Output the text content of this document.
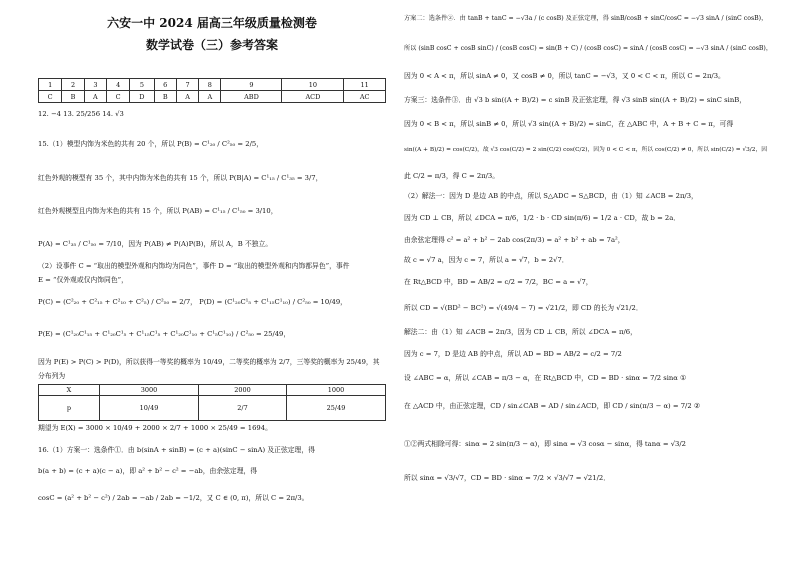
六安一中 2024 届高三年级质量检测卷
数学试卷（三）参考答案
1	2	3	4	5	6	7	8	9	10	11
C	B	A	C	D	B	A	A	ABD	ACD	AC
12. −4 13. 25/256 14. √3
15.（1）模型内饰为米色的共有 20 个，所以 P(B) = C¹₂₀ / C²₅₀ = 2/5，
红色外观的模型有 35 个，其中内饰为米色的共有 15 个，所以 P(B|A) = C¹₁₅ / C¹₃₅ = 3/7，
红色外观模型且内饰为米色的共有 15 个，所以 P(AB) = C¹₁₅ / C¹₅₀ = 3/10，
P(A) = C¹₃₅ / C¹₅₀ = 7/10，因为 P(AB) ≠ P(A)P(B)，所以 A，B 不独立。
（2）设事件 C = “取出的模型外观和内饰均为同色”，事件 D = “取出的模型外观和内饰都异色”，事件
E = “仅外观或仅内饰同色”，
P(C) = (C²₂₀ + C²₁₅ + C²₁₀ + C²₅) / C²₅₀ = 2/7， P(D) = (C¹₂₀C¹₅ + C¹₁₅C¹₁₀) / C²₅₀ = 10/49，
P(E) = (C¹₂₀C¹₁₅ + C¹₂₀C¹₅ + C¹₁₅C¹₅ + C¹₂₀C¹₁₀ + C¹₅C¹₁₀) / C²₅₀ = 25/49，
因为 P(E) > P(C) > P(D)，所以获得一等奖的概率为 10/49，二等奖的概率为 2/7，三等奖的概率为 25/49，其
分布列为
X	3000	2000	1000
p	10/49	2/7	25/49
期望为 E(X) = 3000 × 10/49 + 2000 × 2/7 + 1000 × 25/49 = 1694。
16.（1）方案一：选条件①．由 b(sinA + sinB) = (c + a)(sinC − sinA) 及正弦定理，得
b(a + b) = (c + a)(c − a)，即 a² + b² − c² = −ab，由余弦定理，得
cosC = (a² + b² − c²) / 2ab = −ab / 2ab = −1/2，又 C ∈ (0, π)，所以 C = 2π/3。
方案二：选条件②．由 tanB + tanC = −√3a / (c cosB) 及正弦定理，得 sinB/cosB + sinC/cosC = −√3 sinA / (sinC cosB)，
所以 (sinB cosC + cosB sinC) / (cosB cosC) = sin(B + C) / (cosB cosC) = sinA / (cosB cosC) = −√3 sinA / (sinC cosB)，
因为 0 < A < π，所以 sinA ≠ 0，又 cosB ≠ 0，所以 tanC = −√3，又 0 < C < π，所以 C = 2π/3。
方案三：选条件③．由 √3 b sin((A + B)/2) = c sinB 及正弦定理，得 √3 sinB sin((A + B)/2) = sinC sinB，
因为 0 < B < π，所以 sinB ≠ 0，所以 √3 sin((A + B)/2) = sinC，在 △ABC 中，A + B + C = π，可得
sin((A + B)/2) = cos(C/2)，故 √3 cos(C/2) = 2 sin(C/2) cos(C/2)，因为 0 < C < π，所以 cos(C/2) ≠ 0，所以 sin(C/2) = √3/2，因
此 C/2 = π/3，得 C = 2π/3。
（2）解法一：因为 D 是边 AB 的中点，所以 S△ADC = S△BCD，由（1）知 ∠ACB = 2π/3，
因为 CD ⊥ CB，所以 ∠DCA = π/6，1/2 · b · CD sin(π/6) = 1/2 a · CD，故 b = 2a．
由余弦定理得 c² = a² + b² − 2ab cos(2π/3) = a² + b² + ab = 7a²，
故 c = √7 a，因为 c = 7，所以 a = √7，b = 2√7．
在 Rt△BCD 中，BD = AB/2 = c/2 = 7/2，BC = a = √7，
所以 CD = √(BD² − BC²) = √(49/4 − 7) = √21/2，即 CD 的长为 √21/2．
解法二：由（1）知 ∠ACB = 2π/3，因为 CD ⊥ CB，所以 ∠DCA = π/6，
因为 c = 7，D 是边 AB 的中点，所以 AD = BD = AB/2 = c/2 = 7/2
设 ∠ABC = α，所以 ∠CAB = π/3 − α，在 Rt△BCD 中，CD = BD · sinα = 7/2 sinα ①
在 △ACD 中，由正弦定理，CD / sin∠CAB = AD / sin∠ACD，即 CD / sin(π/3 − α) = 7/2 ②
①②两式相除可得：sinα = 2 sin(π/3 − α)，即 sinα = √3 cosα − sinα，得 tanα = √3/2
所以 sinα = √3/√7，CD = BD · sinα = 7/2 × √3/√7 = √21/2．
